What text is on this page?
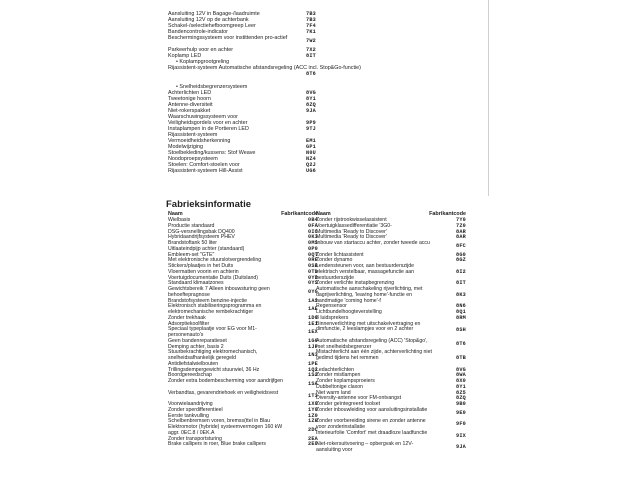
Aansluiting 12V in Bagage-/laadruimte	7B3
Aansluiting 12V op de achterbank	7B3
Schakel-/selectiehefboomgreep Leer	7F4
Bandencontrole-indicator	7K1
Beschermingssysteem voor instittenden pro-actief	7W2
Parkeerhulp voor en achter	7X2
Koplamp LED	8IT
• Koplampgrootgreling
Rijassistent-systeem Automatische afstandsregeling (ACC incl. Stop&Go-functie)
8T6
• Snelheidsbegrenzersysteem
Achterlichten LED	8VG
Tweetonige hoorn	8Y1
Antenne-diversiteit	8ZQ
Niet-rokerspakket	9JA
Waarschuwingssysteem voor
Veiligheidsgordels voor en achter	9P9
Instaplampen in de Portieren LED	9TJ
Rijassistent-systeem
Vermoeidheidsherkenning	EM1
Modelwijziging	GP1
Stoelbekleding/kussens: Stof Weave	N0U
Noodoproepsysteem	NZ4
Stoelen: Comfort-stoelen voor	Q2J
Rijassistent-systeem Hill-Assist	UG6
Fabrieksinformatie
Naam	Fabrikantcode
Wielbasis	0B4
Productie standaard	0FA
DSG-versnellingsbak DQ400	0IC
Hybridaandrijfsysteem PHEV	0K3
Brandstoftank 50 liter	0MS
Uitlaateindpijp achter (standaard)	0P0
Embleem-set "GTE"	0QT
Met elektronische stuurslotvergrendeling	0RF
Stickers/plaatjes in het Duits	0SB
Vloermatten voorin en achterin	0TD
Voertuigdocumentatie Duits (Duitsland)	0YD
Standaard klimaatzones	0YS
Gewichtsbereik 7 Alleen inbouwsturing geen behoeftepragnose	0YG
Brandstofsysteem benzine-injectie	1AS
Elektronisch stabiliseringsprogramma en elektromechanische rembekrachtiger	1AE
Zonder trekhaak	1D0
Adsorptiekoolfilter	1E1
Speciaal typeplaatje voor EG voor M1-personenauto's	1EX
Geen bandenreparatieset	1G0
Demping achter, basis 2	1JF
Stuurbekrachtiging elektromechanisch, snelheidsafhankelijk geregeld	1N3
Antidiefstalwielbouten	1PE
Trillingsdempergewicht stuurwiel, 36 Hz	1Q2
Boordgereedschap	1S2
Zonder extra bodembescherming voor aandrijfgen	1SA
Verbandtas, gevarendriehoek en veiligheidsvest	1T3
Voorwielaandrijving	1X0
Zonder sperdifferentieel	1Y0
Eerste tankvulling	1Z0
Schelbenbremsen voren, bremss(ttel in Blau	1ZH
Elektromotor (hybride) systeemvermogen 160 kW aggr. 0EC.8 / 0EK.A	2DC
Zonder transportsturing	2EA
Brake callipers in roer, Blue brake callipers	2EU
Naam	Fabrikantcode
Zonder rijstrookwisselassistent	7Y0
Voertuigklassedifferentiatie '3G0-	7Z0
Multimedia 'Ready to Discover'	8AR
Multimedia 'Ready to Discover'	8AR
Inbouw van startaccu achter, zonder tweede accu	8FC
Zonder lichtassistent	8G0
Zonder dynamo	8GZ
Lendensteunen voor, aan bestuurderszijde elektrisch verstelbaar, massagefunctie aan bestuurderszijde
8I2
Zonder verlichte instapbegrenzing	8IT
Automatische aanschakeling rijverlichting, met dagrijverlichting, 'leaving home'-functie en handmatige 'coming home'-f
8K3
Regensensor	8N6
Lichtbundelhoogteverstelling	8Q1
8 luidsprekers	8RM
Binnenverlichting met uitschakelvertraging en dimfunctie, 2 leeslampjes voor en 2 achter	8SH
Automatische afstandsregeling (ACC) 'Stop&go', met snelheidsbegrenzer	8T6
Mistachterlicht aan één zijde, achterverlichting niet gedimd tijdens het remmen	8TB
Ledachterlichten	8VG
Zonder mistlampen	8WA
Zonder koplampsproeiers	8X0
Dubbeltonige claxon	8Y1
Niet warm land	8Z5
Diversity-antenne voor FM-ontvangst	8ZQ
Zonder geïntegreerd toolset	9B0
Zonder inbouwleiding voor aansluitingsinstallatie	9E0
Zonder voorbereiding sirene en zonder antenne voor zonderinstallatie	9F0
Interieurfolie 'Comfort' met draadloze laadfunctie	9IX
Niet-rokersuitvoering – opbergvak en 12V-aansluiting voor	9JA
